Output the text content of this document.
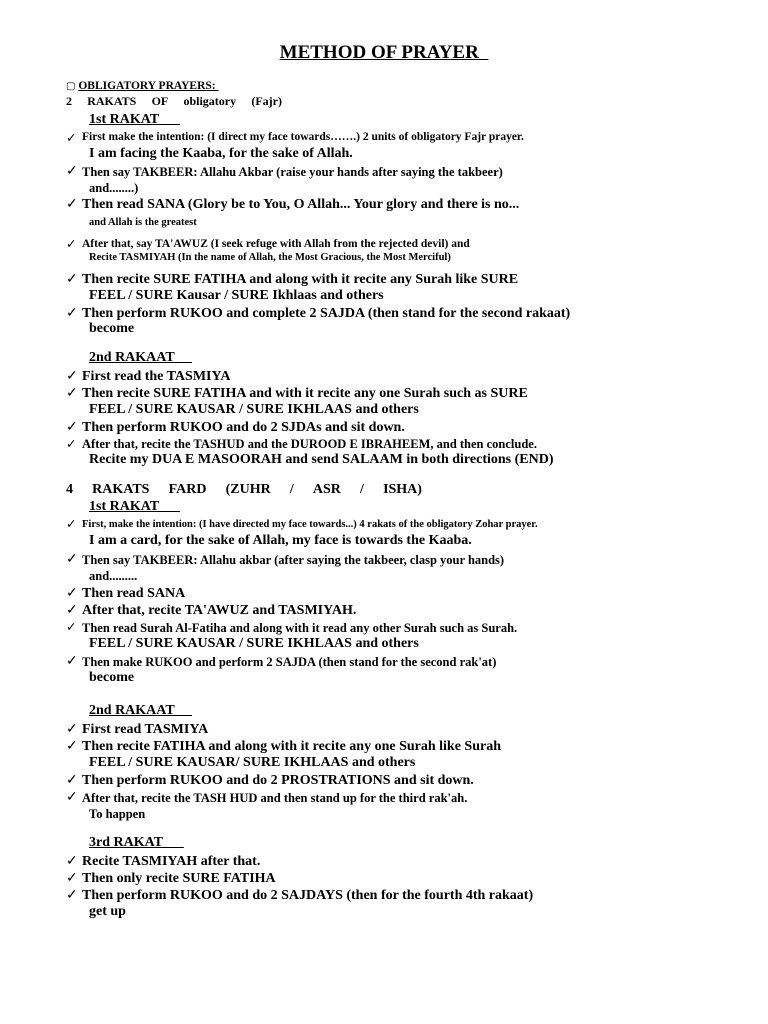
METHOD OF PRAYER
▢ OBLIGATORY PRAYERS:
2 RAKATS OF obligatory (Fajr)
1st RAKAT
First make the intention: (I direct my face towards…….) 2 units of obligatory Fajr prayer.
✓
I am facing the Kaaba, for the sake of Allah.
✓ Then say TAKBEER: Allahu Akbar (raise your hands after saying the takbeer)
and........)
✓ Then read SANA (Glory be to You, O Allah... Your glory and there is no...
and Allah is the greatest
✓ After that, say TA'AWUZ (I seek refuge with Allah from the rejected devil) and
Recite TASMIYAH (In the name of Allah, the Most Gracious, the Most Merciful)
✓ Then recite SURE FATIHA and along with it recite any Surah like SURE
FEEL / SURE Kausar / SURE Ikhlaas and others
✓ Then perform RUKOO and complete 2 SAJDA (then stand for the second rakaat)
become
2nd RAKAAT
✓ First read the TASMIYA
✓ Then recite SURE FATIHA and with it recite any one Surah such as SURE
FEEL / SURE KAUSAR / SURE IKHLAAS and others
✓ Then perform RUKOO and do 2 SJDAs and sit down.
✓ After that, recite the TASHUD and the DUROOD E IBRAHEEM, and then conclude.
Recite my DUA E MASOORAH and send SALAAM in both directions (END)
4 RAKATS FARD (ZUHR / ASR / ISHA)
1st RAKAT
✓ First, make the intention: (I have directed my face towards...) 4 rakats of the obligatory Zohar prayer.
I am a card, for the sake of Allah, my face is towards the Kaaba.
✓ Then say TAKBEER: Allahu akbar (after saying the takbeer, clasp your hands)
and.........
✓ Then read SANA
✓ After that, recite TA'AWUZ and TASMIYAH.
✓ Then read Surah Al-Fatiha and along with it read any other Surah such as Surah.
FEEL / SURE KAUSAR / SURE IKHLAAS and others
✓ Then make RUKOO and perform 2 SAJDA (then stand for the second rak'at)
become
2nd RAKAAT
✓ First read TASMIYA
✓ Then recite FATIHA and along with it recite any one Surah like Surah
FEEL / SURE KAUSAR/ SURE IKHLAAS and others
✓ Then perform RUKOO and do 2 PROSTRATIONS and sit down.
✓ After that, recite the TASH HUD and then stand up for the third rak'ah.
To happen
3rd RAKAT
✓ Recite TASMIYAH after that.
✓ Then only recite SURE FATIHA
✓ Then perform RUKOO and do 2 SAJDAYS (then for the fourth 4th rakaat)
get up
